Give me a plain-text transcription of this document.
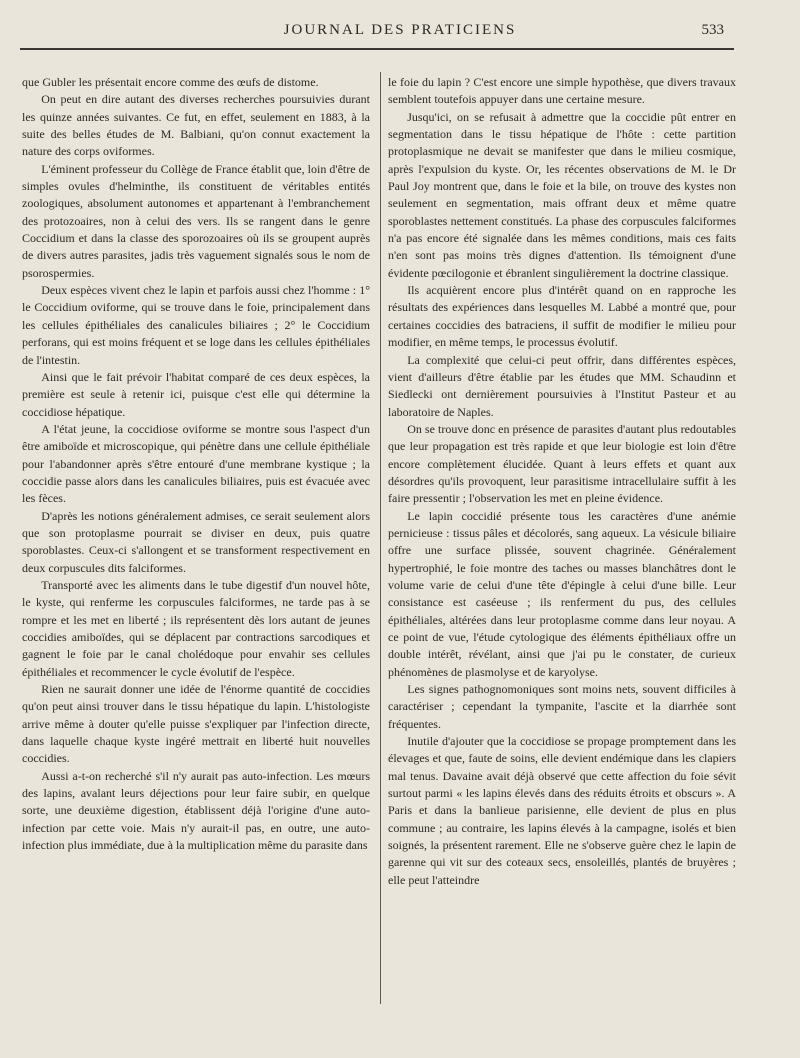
JOURNAL DES PRATICIENS	533

que Gubler les présentait encore comme des œufs de distome.

On peut en dire autant des diverses recherches poursuivies durant les quinze années suivantes. Ce fut, en effet, seulement en 1883, à la suite des belles études de M. Balbiani, qu'on connut exactement la nature des corps oviformes.

L'éminent professeur du Collège de France établit que, loin d'être de simples ovules d'helminthe, ils constituent de véritables entités zoologiques, absolument autonomes et appartenant à l'embranchement des protozoaires, non à celui des vers. Ils se rangent dans le genre Coccidium et dans la classe des sporozoaires où ils se groupent auprès de divers autres parasites, jadis très vaguement signalés sous le nom de psorospermies.

Deux espèces vivent chez le lapin et parfois aussi chez l'homme : 1° le Coccidium oviforme, qui se trouve dans le foie, principalement dans les cellules épithéliales des canalicules biliaires ; 2° le Coccidium perforans, qui est moins fréquent et se loge dans les cellules épithéliales de l'intestin.

Ainsi que le fait prévoir l'habitat comparé de ces deux espèces, la première est seule à retenir ici, puisque c'est elle qui détermine la coccidiose hépatique.

A l'état jeune, la coccidiose oviforme se montre sous l'aspect d'un être amiboïde et microscopique, qui pénètre dans une cellule épithéliale pour l'abandonner après s'être entouré d'une membrane kystique ; la coccidie passe alors dans les canalicules biliaires, puis est évacuée avec les fèces.

D'après les notions généralement admises, ce serait seulement alors que son protoplasme pourrait se diviser en deux, puis quatre sporoblastes. Ceux-ci s'allongent et se transforment respectivement en deux corpuscules dits falciformes.

Transporté avec les aliments dans le tube digestif d'un nouvel hôte, le kyste, qui renferme les corpuscules falciformes, ne tarde pas à se rompre et les met en liberté ; ils représentent dès lors autant de jeunes coccidies amiboïdes, qui se déplacent par contractions sarcodiques et gagnent le foie par le canal cholédoque pour envahir ses cellules épithéliales et recommencer le cycle évolutif de l'espèce.

Rien ne saurait donner une idée de l'énorme quantité de coccidies qu'on peut ainsi trouver dans le tissu hépatique du lapin. L'histologiste arrive même à douter qu'elle puisse s'expliquer par l'infection directe, dans laquelle chaque kyste ingéré mettrait en liberté huit nouvelles coccidies.

Aussi a-t-on recherché s'il n'y aurait pas auto-infection. Les mœurs des lapins, avalant leurs déjections pour leur faire subir, en quelque sorte, une deuxième digestion, établissent déjà l'origine d'une auto-infection par cette voie. Mais n'y aurait-il pas, en outre, une auto-infection plus immédiate, due à la multiplication même du parasite dans

le foie du lapin ? C'est encore une simple hypothèse, que divers travaux semblent toutefois appuyer dans une certaine mesure.

Jusqu'ici, on se refusait à admettre que la coccidie pût entrer en segmentation dans le tissu hépatique de l'hôte : cette partition protoplasmique ne devait se manifester que dans le milieu cosmique, après l'expulsion du kyste. Or, les récentes observations de M. le Dr Paul Joy montrent que, dans le foie et la bile, on trouve des kystes non seulement en segmentation, mais offrant deux et même quatre sporoblastes nettement constitués. La phase des corpuscules falciformes n'a pas encore été signalée dans les mêmes conditions, mais ces faits n'en sont pas moins très dignes d'attention. Ils témoignent d'une évidente pœcilogonie et ébranlent singulièrement la doctrine classique.

Ils acquièrent encore plus d'intérêt quand on en rapproche les résultats des expériences dans lesquelles M. Labbé a montré que, pour certaines coccidies des batraciens, il suffit de modifier le milieu pour modifier, en même temps, le processus évolutif.

La complexité que celui-ci peut offrir, dans différentes espèces, vient d'ailleurs d'être établie par les études que MM. Schaudinn et Siedlecki ont dernièrement poursuivies à l'Institut Pasteur et au laboratoire de Naples.

On se trouve donc en présence de parasites d'autant plus redoutables que leur propagation est très rapide et que leur biologie est loin d'être encore complètement élucidée. Quant à leurs effets et quant aux désordres qu'ils provoquent, leur parasitisme intracellulaire suffit à les faire pressentir ; l'observation les met en pleine évidence.

Le lapin coccidié présente tous les caractères d'une anémie pernicieuse : tissus pâles et décolorés, sang aqueux. La vésicule biliaire offre une surface plissée, souvent chagrinée. Généralement hypertrophié, le foie montre des taches ou masses blanchâtres dont le volume varie de celui d'une tête d'épingle à celui d'une bille. Leur consistance est caséeuse ; ils renferment du pus, des cellules épithéliales, altérées dans leur protoplasme comme dans leur noyau. A ce point de vue, l'étude cytologique des éléments épithéliaux offre un double intérêt, révélant, ainsi que j'ai pu le constater, de curieux phénomènes de plasmolyse et de karyolyse.

Les signes pathognomoniques sont moins nets, souvent difficiles à caractériser ; cependant la tympanite, l'ascite et la diarrhée sont fréquentes.

Inutile d'ajouter que la coccidiose se propage promptement dans les élevages et que, faute de soins, elle devient endémique dans les clapiers mal tenus. Davaine avait déjà observé que cette affection du foie sévit surtout parmi « les lapins élevés dans des réduits étroits et obscurs ». A Paris et dans la banlieue parisienne, elle devient de plus en plus commune ; au contraire, les lapins élevés à la campagne, isolés et bien soignés, la présentent rarement. Elle ne s'observe guère chez le lapin de garenne qui vit sur des coteaux secs, ensoleillés, plantés de bruyères ; elle peut l'atteindre
